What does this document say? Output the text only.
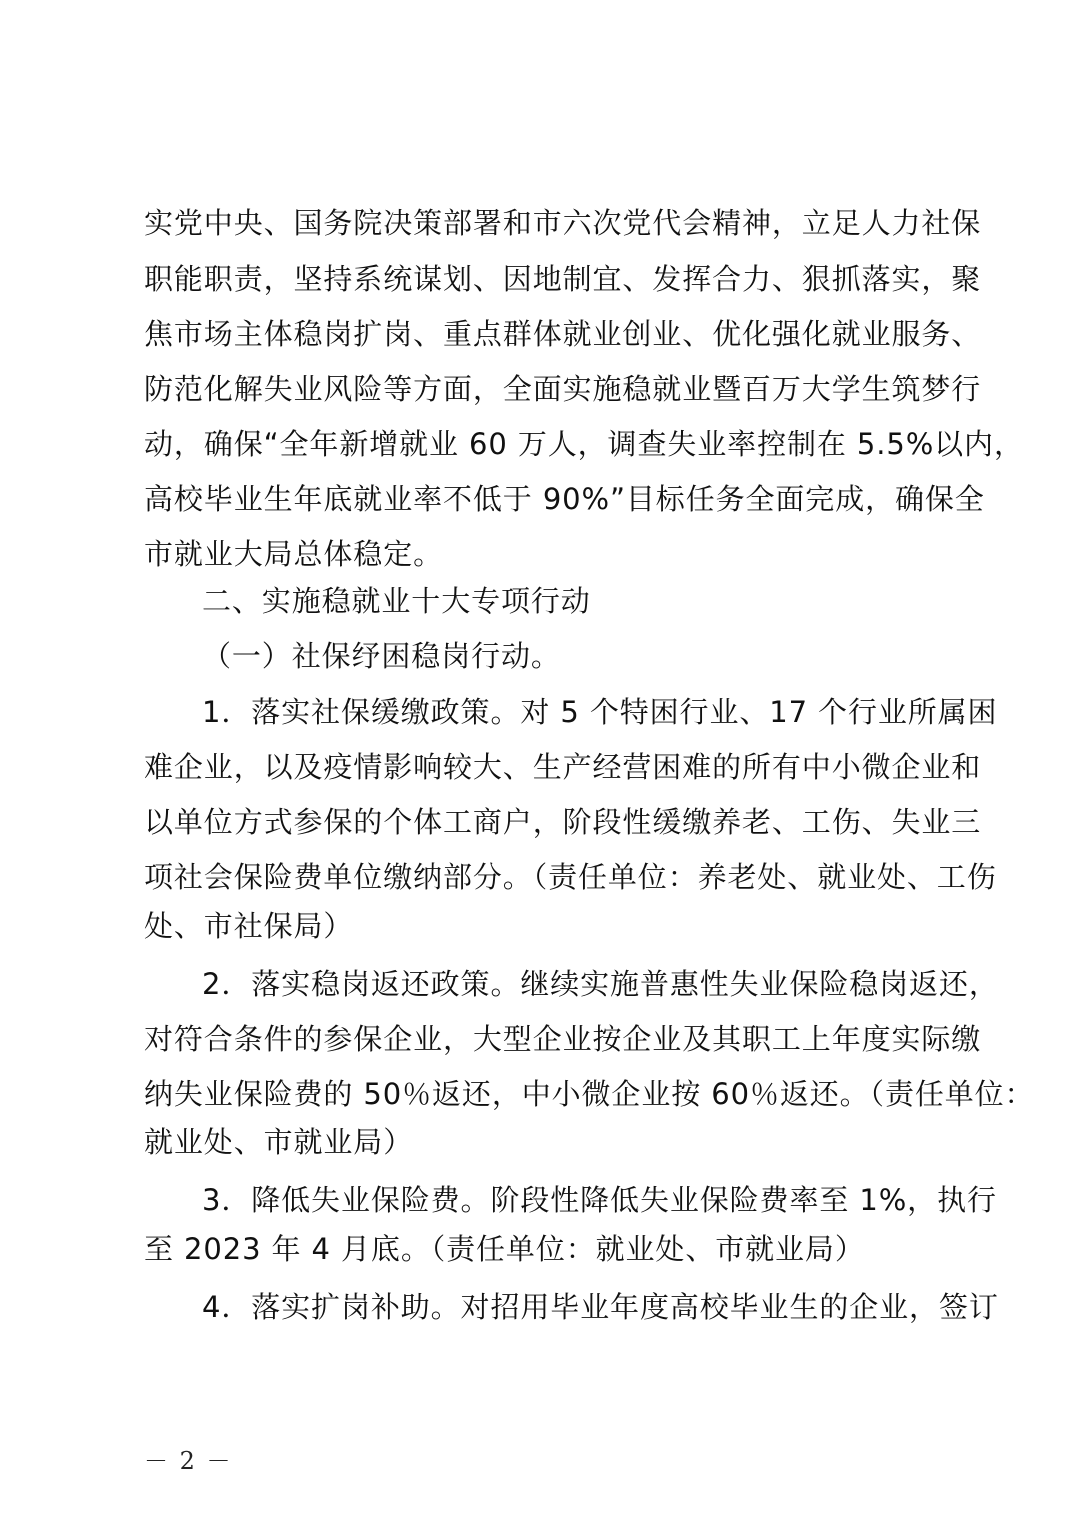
实党中央、国务院决策部署和市六次党代会精神，立足人力社保
职能职责，坚持系统谋划、因地制宜、发挥合力、狠抓落实，聚
焦市场主体稳岗扩岗、重点群体就业创业、优化强化就业服务、
防范化解失业风险等方面，全面实施稳就业暨百万大学生筑梦行
动，确保“全年新增就业 60 万人，调查失业率控制在 5.5%以内，
高校毕业生年底就业率不低于 90%”目标任务全面完成，确保全
市就业大局总体稳定。
二、实施稳就业十大专项行动
（一）社保纾困稳岗行动。
1．落实社保缓缴政策。对 5 个特困行业、17 个行业所属困
难企业，以及疫情影响较大、生产经营困难的所有中小微企业和
以单位方式参保的个体工商户，阶段性缓缴养老、工伤、失业三
项社会保险费单位缴纳部分。（责任单位：养老处、就业处、工伤
处、市社保局）
2．落实稳岗返还政策。继续实施普惠性失业保险稳岗返还，
对符合条件的参保企业，大型企业按企业及其职工上年度实际缴
纳失业保险费的 50％返还，中小微企业按 60％返还。（责任单位：
就业处、市就业局）
3．降低失业保险费。阶段性降低失业保险费率至 1%，执行
至 2023 年 4 月底。（责任单位：就业处、市就业局）
4．落实扩岗补助。对招用毕业年度高校毕业生的企业，签订
－ 2 －
